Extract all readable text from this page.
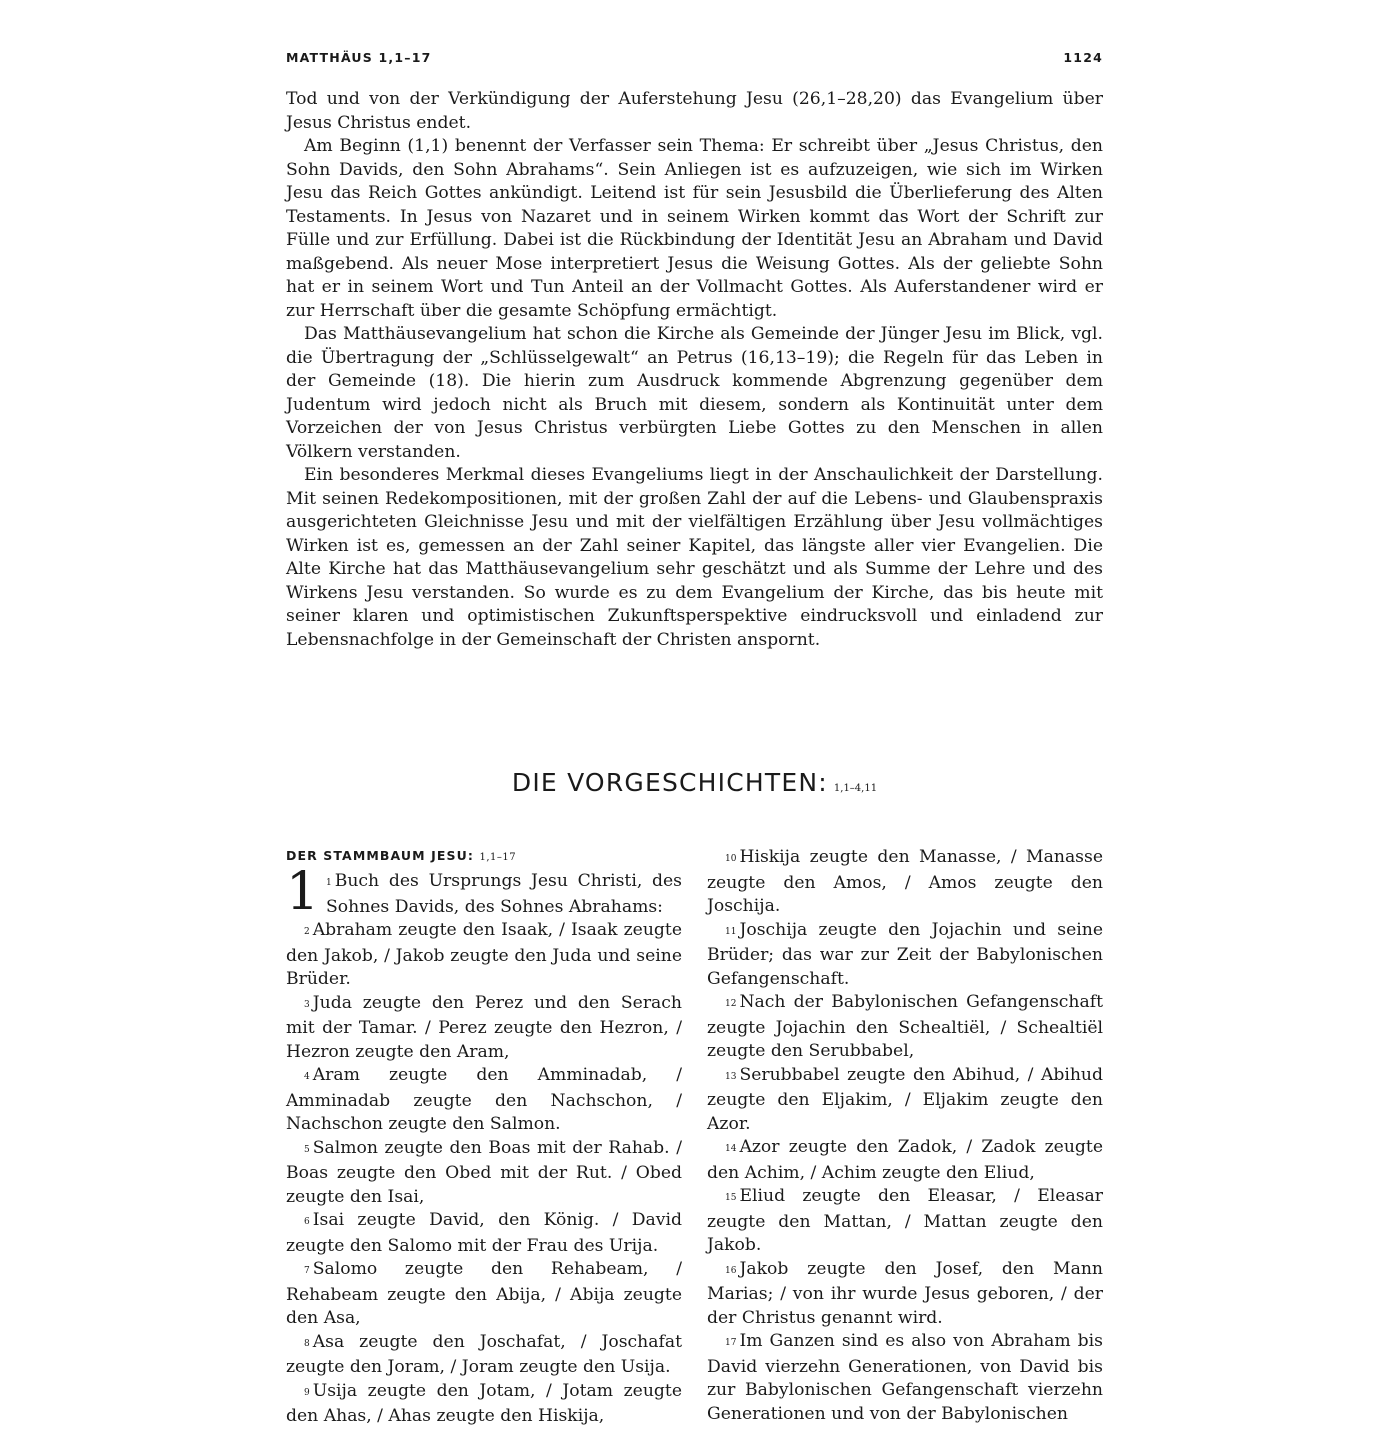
MATTHÄUS 1,1–17	1124

Tod und von der Verkündigung der Auferstehung Jesu (26,1–28,20) das Evangelium über Jesus Christus endet.

Am Beginn (1,1) benennt der Verfasser sein Thema: Er schreibt über „Jesus Christus, den Sohn Davids, den Sohn Abrahams“. Sein Anliegen ist es aufzuzeigen, wie sich im Wirken Jesu das Reich Gottes ankündigt. Leitend ist für sein Jesusbild die Überlieferung des Alten Testaments. In Jesus von Nazaret und in seinem Wirken kommt das Wort der Schrift zur Fülle und zur Erfüllung. Dabei ist die Rückbindung der Identität Jesu an Abraham und David maßgebend. Als neuer Mose interpretiert Jesus die Weisung Gottes. Als der geliebte Sohn hat er in seinem Wort und Tun Anteil an der Vollmacht Gottes. Als Auferstandener wird er zur Herrschaft über die gesamte Schöpfung ermächtigt.

Das Matthäusevangelium hat schon die Kirche als Gemeinde der Jünger Jesu im Blick, vgl. die Übertragung der „Schlüsselgewalt“ an Petrus (16,13–19); die Regeln für das Leben in der Gemeinde (18). Die hierin zum Ausdruck kommende Abgrenzung gegenüber dem Judentum wird jedoch nicht als Bruch mit diesem, sondern als Kontinuität unter dem Vorzeichen der von Jesus Christus verbürgten Liebe Gottes zu den Menschen in allen Völkern verstanden.

Ein besonderes Merkmal dieses Evangeliums liegt in der Anschaulichkeit der Darstellung. Mit seinen Redekompositionen, mit der großen Zahl der auf die Lebens- und Glaubenspraxis ausgerichteten Gleichnisse Jesu und mit der vielfältigen Erzählung über Jesu vollmächtiges Wirken ist es, gemessen an der Zahl seiner Kapitel, das längste aller vier Evangelien. Die Alte Kirche hat das Matthäusevangelium sehr geschätzt und als Summe der Lehre und des Wirkens Jesu verstanden. So wurde es zu dem Evangelium der Kirche, das bis heute mit seiner klaren und optimistischen Zukunftsperspektive eindrucksvoll und einladend zur Lebensnachfolge in der Gemeinschaft der Christen anspornt.

DIE VORGESCHICHTEN: 1,1–4,11
DER STAMMBAUM JESU: 1,1–17
1 1 Buch des Ursprungs Jesu Christi, des Sohnes Davids, des Sohnes Abrahams:

2 Abraham zeugte den Isaak, / Isaak zeugte den Jakob, / Jakob zeugte den Juda und seine Brüder.

3 Juda zeugte den Perez und den Serach mit der Tamar. / Perez zeugte den Hezron, / Hezron zeugte den Aram,

4 Aram zeugte den Amminadab, / Amminadab zeugte den Nachschon, / Nachschon zeugte den Salmon.

5 Salmon zeugte den Boas mit der Rahab. / Boas zeugte den Obed mit der Rut. / Obed zeugte den Isai,

6 Isai zeugte David, den König. / David zeugte den Salomo mit der Frau des Urija.

7 Salomo zeugte den Rehabeam, / Rehabeam zeugte den Abija, / Abija zeugte den Asa,

8 Asa zeugte den Joschafat, / Joschafat zeugte den Joram, / Joram zeugte den Usija.

9 Usija zeugte den Jotam, / Jotam zeugte den Ahas, / Ahas zeugte den Hiskija,

10 Hiskija zeugte den Manasse, / Manasse zeugte den Amos, / Amos zeugte den Joschija.

11 Joschija zeugte den Jojachin und seine Brüder; das war zur Zeit der Babylonischen Gefangenschaft.

12 Nach der Babylonischen Gefangenschaft zeugte Jojachin den Schealtiël, / Schealtiël zeugte den Serubbabel,

13 Serubbabel zeugte den Abihud, / Abihud zeugte den Eljakim, / Eljakim zeugte den Azor.

14 Azor zeugte den Zadok, / Zadok zeugte den Achim, / Achim zeugte den Eliud,

15 Eliud zeugte den Eleasar, / Eleasar zeugte den Mattan, / Mattan zeugte den Jakob.

16 Jakob zeugte den Josef, den Mann Marias; / von ihr wurde Jesus geboren, / der der Christus genannt wird.

17 Im Ganzen sind es also von Abraham bis David vierzehn Generationen, von David bis zur Babylonischen Gefangenschaft vierzehn Generationen und von der Babylonischen
